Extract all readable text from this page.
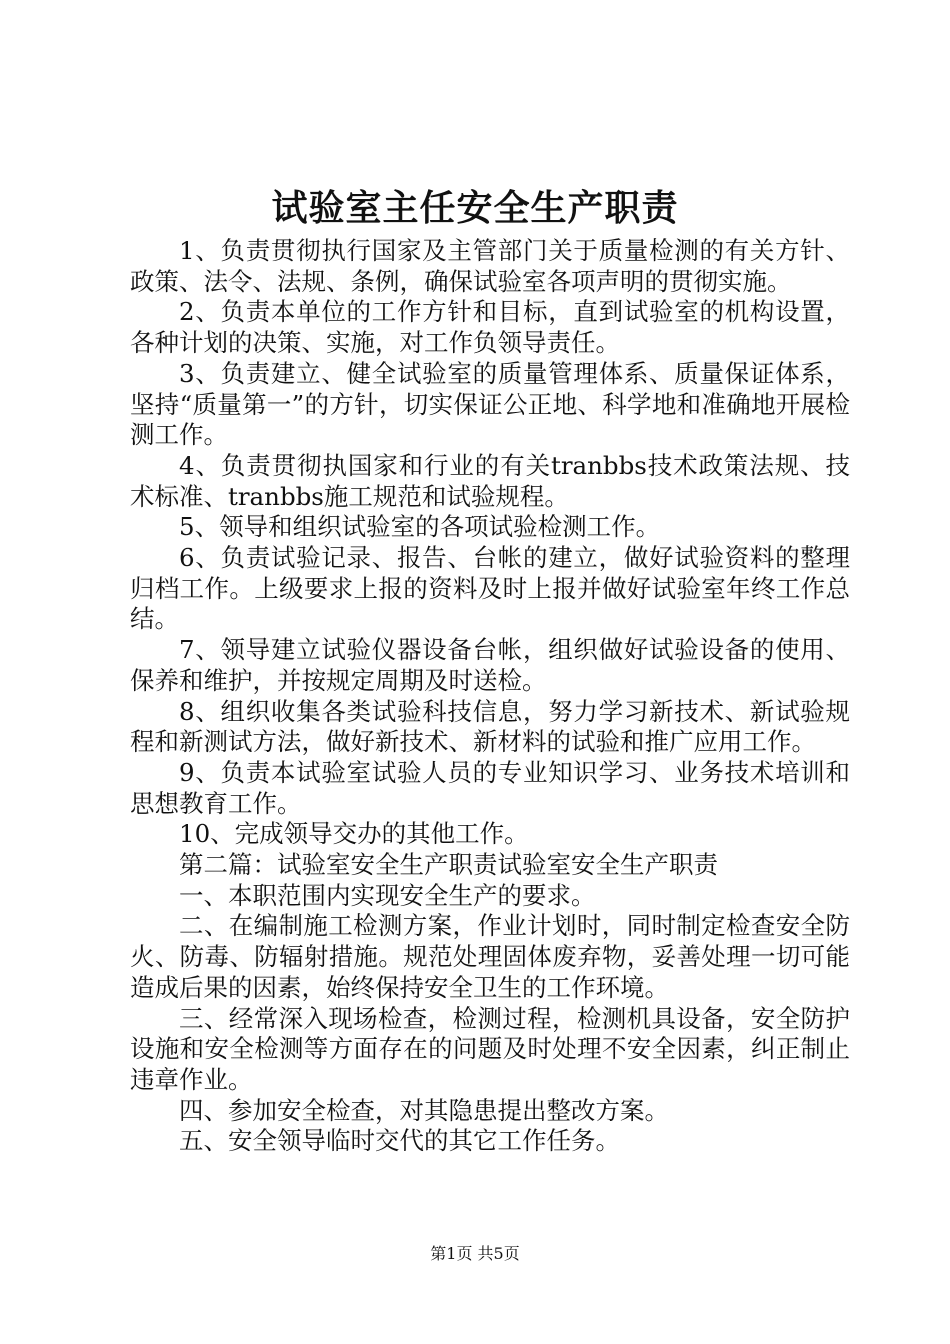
试验室主任安全生产职责

1、负责贯彻执行国家及主管部门关于质量检测的有关方针、政策、法令、法规、条例，确保试验室各项声明的贯彻实施。

2、负责本单位的工作方针和目标，直到试验室的机构设置，各种计划的决策、实施，对工作负领导责任。

3、负责建立、健全试验室的质量管理体系、质量保证体系，坚持“质量第一”的方针，切实保证公正地、科学地和准确地开展检测工作。

4、负责贯彻执国家和行业的有关tranbbs技术政策法规、技术标准、tranbbs施工规范和试验规程。

5、领导和组织试验室的各项试验检测工作。

6、负责试验记录、报告、台帐的建立，做好试验资料的整理归档工作。上级要求上报的资料及时上报并做好试验室年终工作总结。

7、领导建立试验仪器设备台帐，组织做好试验设备的使用、保养和维护，并按规定周期及时送检。

8、组织收集各类试验科技信息，努力学习新技术、新试验规程和新测试方法，做好新技术、新材料的试验和推广应用工作。

9、负责本试验室试验人员的专业知识学习、业务技术培训和思想教育工作。

10、完成领导交办的其他工作。

第二篇：试验室安全生产职责试验室安全生产职责

一、本职范围内实现安全生产的要求。

二、在编制施工检测方案，作业计划时，同时制定检查安全防火、防毒、防辐射措施。规范处理固体废弃物，妥善处理一切可能造成后果的因素，始终保持安全卫生的工作环境。

三、经常深入现场检查，检测过程，检测机具设备，安全防护设施和安全检测等方面存在的问题及时处理不安全因素，纠正制止违章作业。

四、参加安全检查，对其隐患提出整改方案。

五、安全领导临时交代的其它工作任务。

第1页 共5页
